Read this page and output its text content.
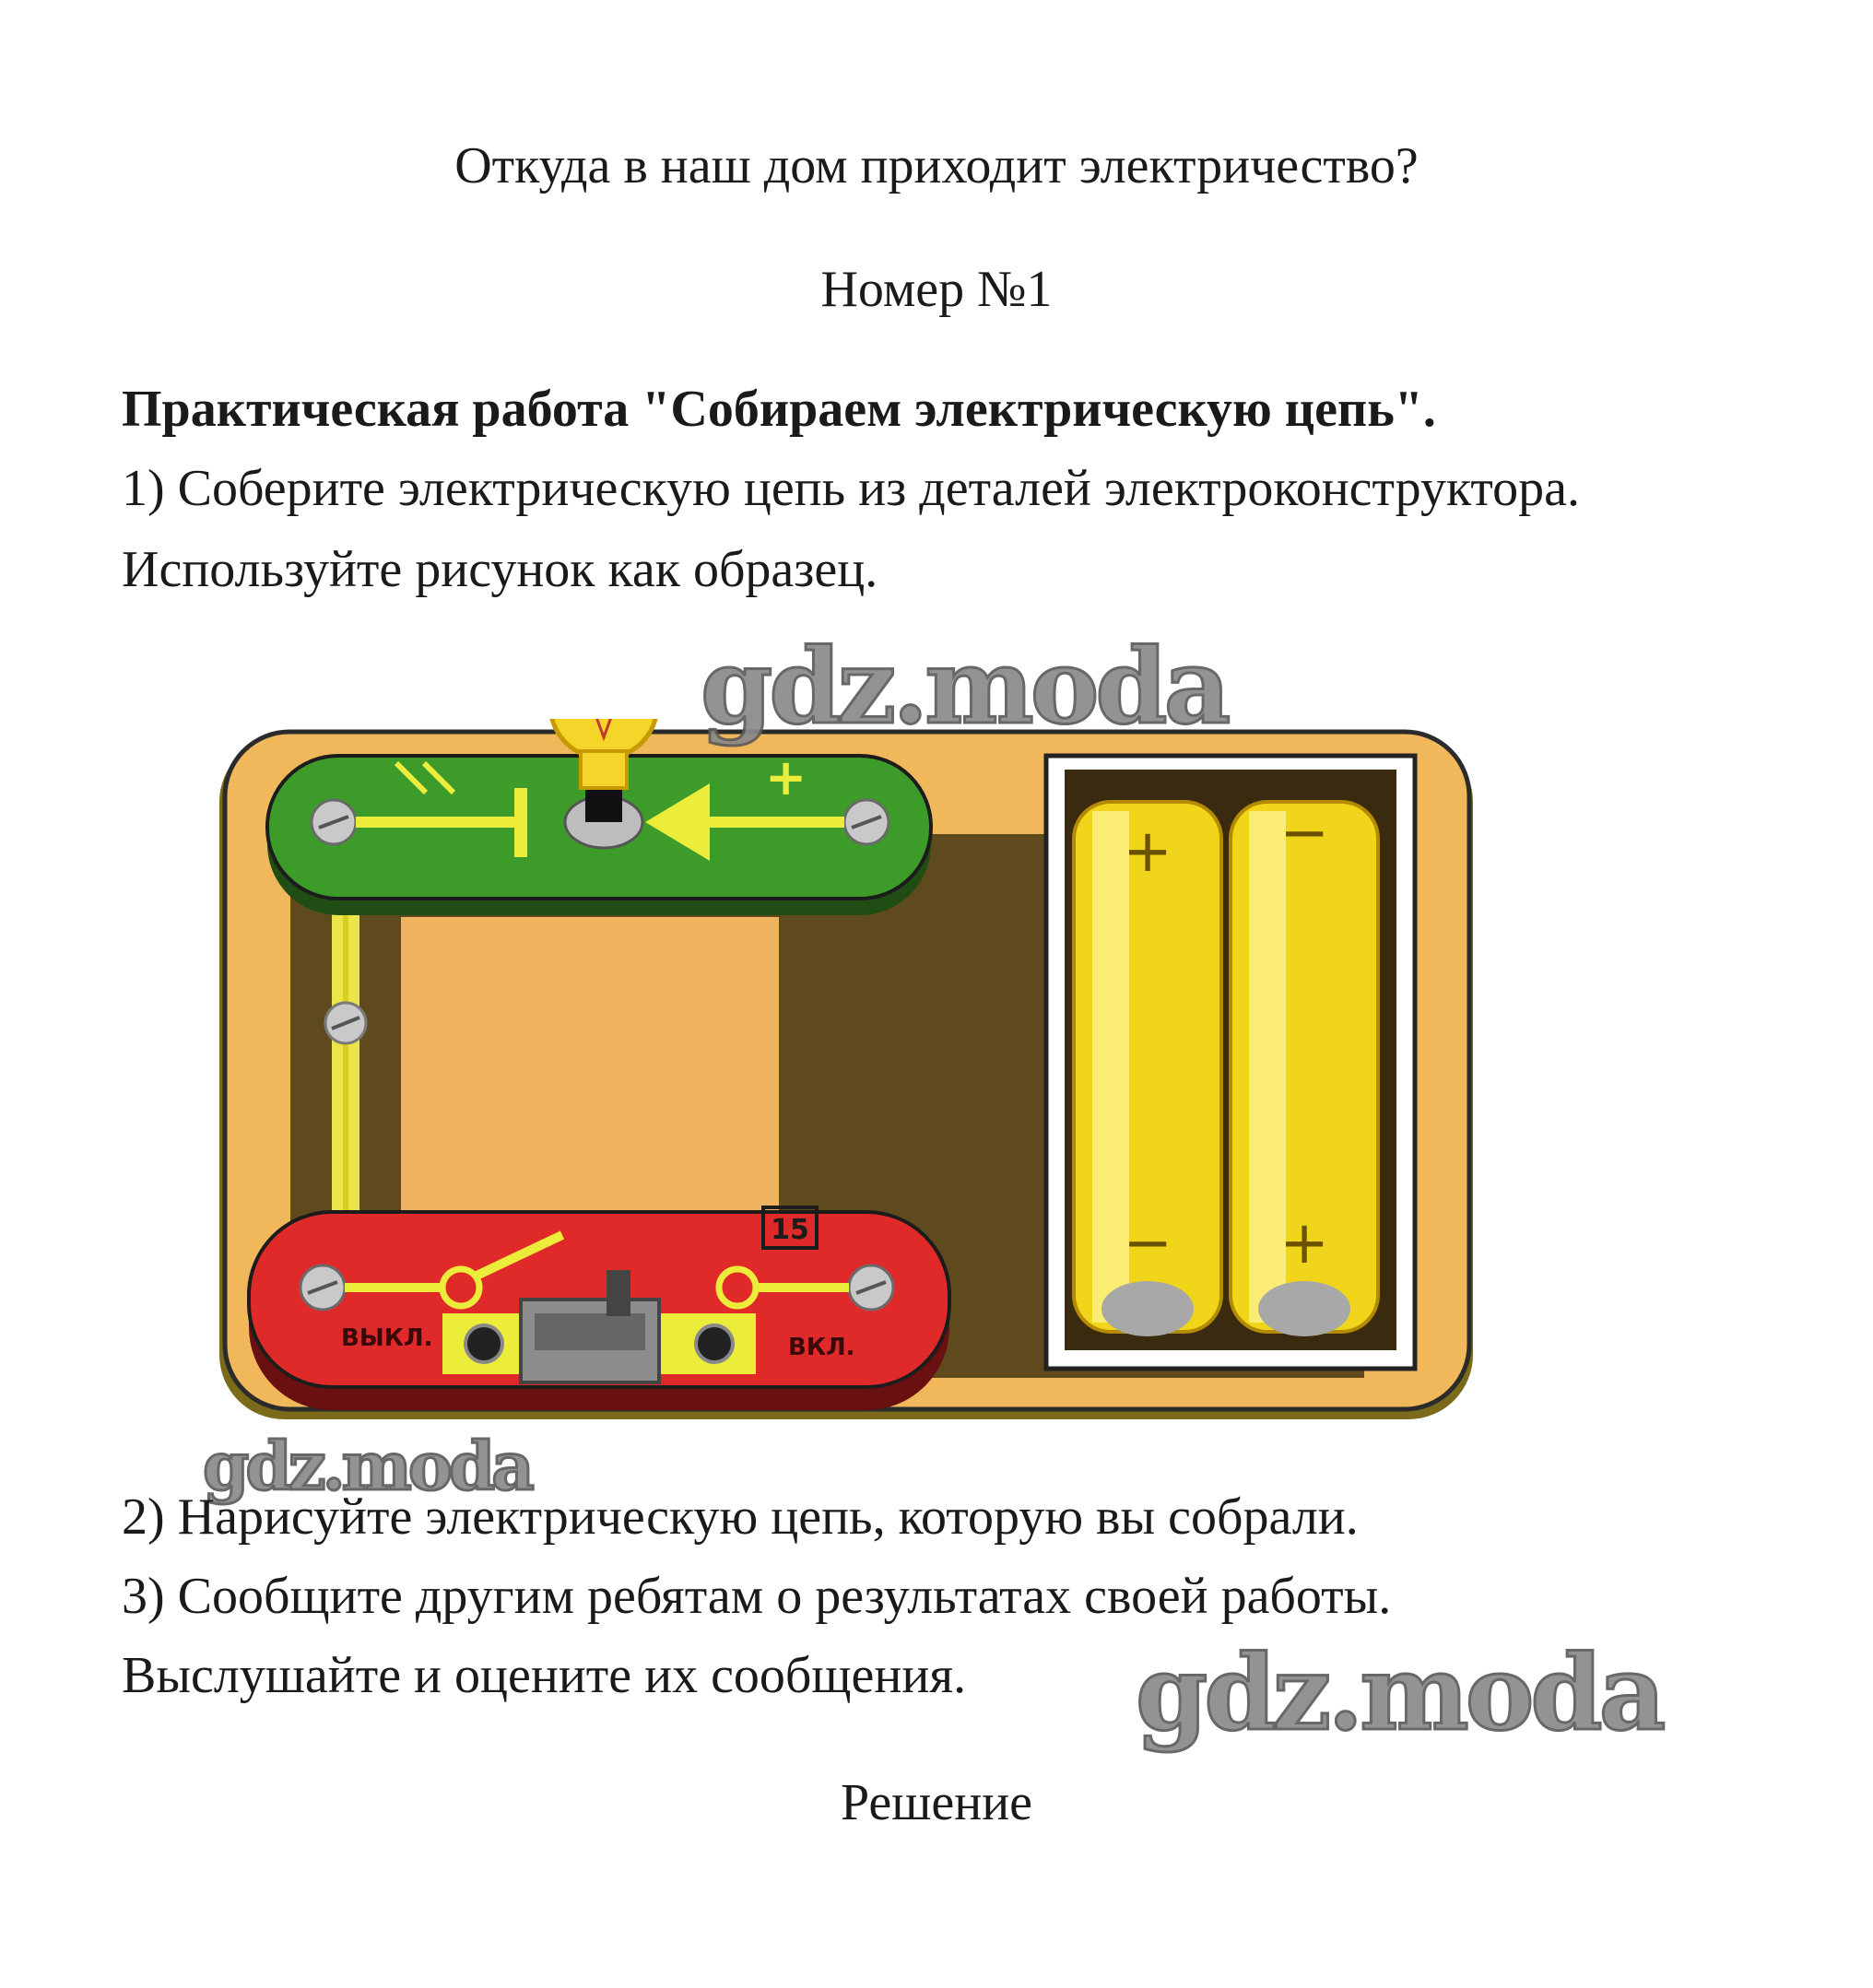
Откуда в наш дом приходит электричество?
Номер №1
Практическая работа "Собираем электрическую цепь".
1) Соберите электрическую цепь из деталей электроконструктора.
Используйте рисунок как образец.
+
15
ВЫКЛ.	ВКЛ.
+
−
−
+
gdz.moda
gdz.moda
gdz.moda
2) Нарисуйте электрическую цепь, которую вы собрали.
3) Сообщите другим ребятам о результатах своей работы.
Выслушайте и оцените их сообщения.
Решение
